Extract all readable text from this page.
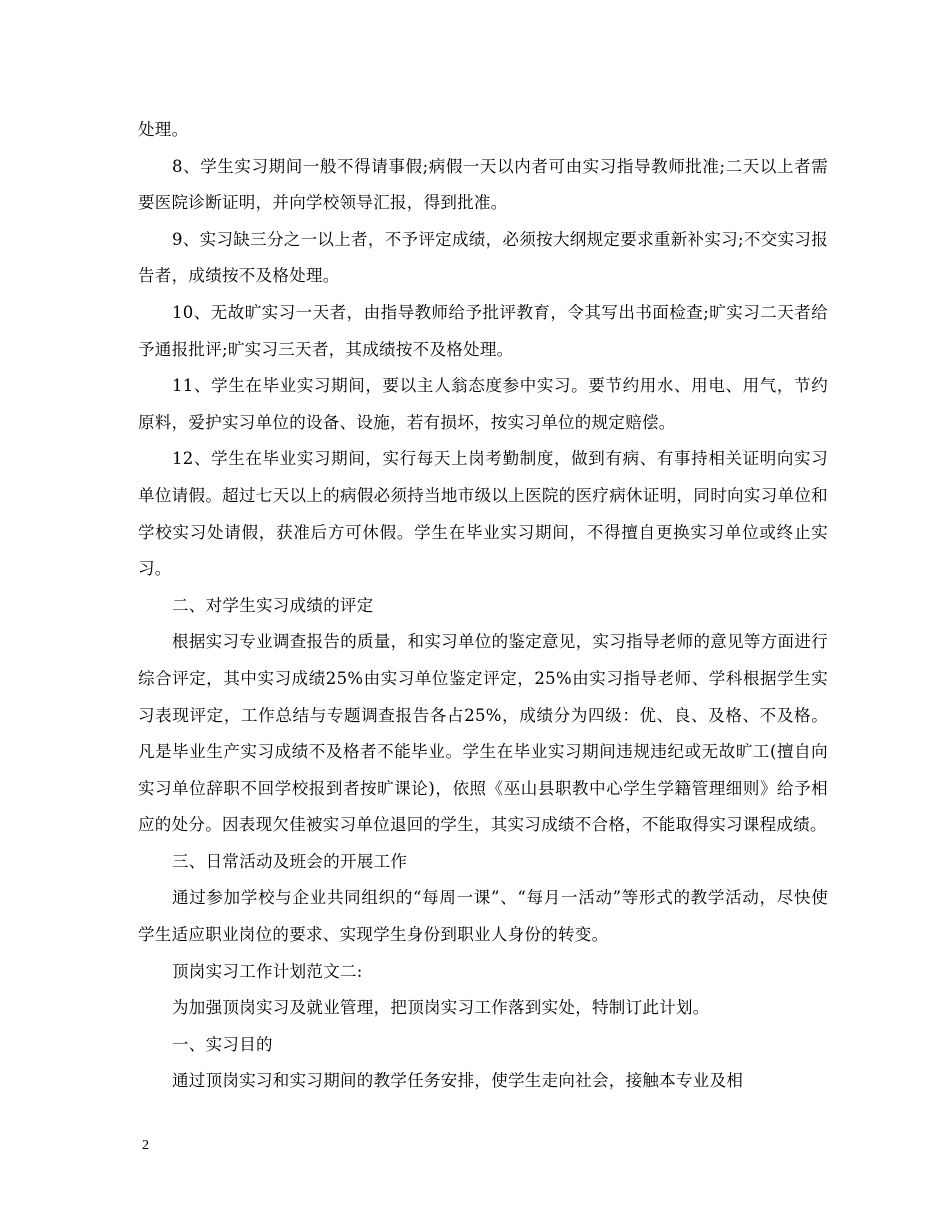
处理。

8、学生实习期间一般不得请事假;病假一天以内者可由实习指导教师批准;二天以上者需要医院诊断证明，并向学校领导汇报，得到批准。

9、实习缺三分之一以上者，不予评定成绩，必须按大纲规定要求重新补实习;不交实习报告者，成绩按不及格处理。

10、无故旷实习一天者，由指导教师给予批评教育，令其写出书面检查;旷实习二天者给予通报批评;旷实习三天者，其成绩按不及格处理。

11、学生在毕业实习期间，要以主人翁态度参中实习。要节约用水、用电、用气，节约原料，爱护实习单位的设备、设施，若有损坏，按实习单位的规定赔偿。

12、学生在毕业实习期间，实行每天上岗考勤制度，做到有病、有事持相关证明向实习单位请假。超过七天以上的病假必须持当地市级以上医院的医疗病休证明，同时向实习单位和学校实习处请假，获准后方可休假。学生在毕业实习期间，不得擅自更换实习单位或终止实习。

二、对学生实习成绩的评定

根据实习专业调查报告的质量，和实习单位的鉴定意见，实习指导老师的意见等方面进行综合评定，其中实习成绩25%由实习单位鉴定评定，25%由实习指导老师、学科根据学生实习表现评定，工作总结与专题调查报告各占25%，成绩分为四级：优、良、及格、不及格。凡是毕业生产实习成绩不及格者不能毕业。学生在毕业实习期间违规违纪或无故旷工(擅自向实习单位辞职不回学校报到者按旷课论)，依照《巫山县职教中心学生学籍管理细则》给予相应的处分。因表现欠佳被实习单位退回的学生，其实习成绩不合格，不能取得实习课程成绩。

三、日常活动及班会的开展工作

通过参加学校与企业共同组织的“每周一课”、“每月一活动”等形式的教学活动，尽快使学生适应职业岗位的要求、实现学生身份到职业人身份的转变。

顶岗实习工作计划范文二:

为加强顶岗实习及就业管理，把顶岗实习工作落到实处，特制订此计划。

一、实习目的

通过顶岗实习和实习期间的教学任务安排，使学生走向社会，接触本专业及相

2
